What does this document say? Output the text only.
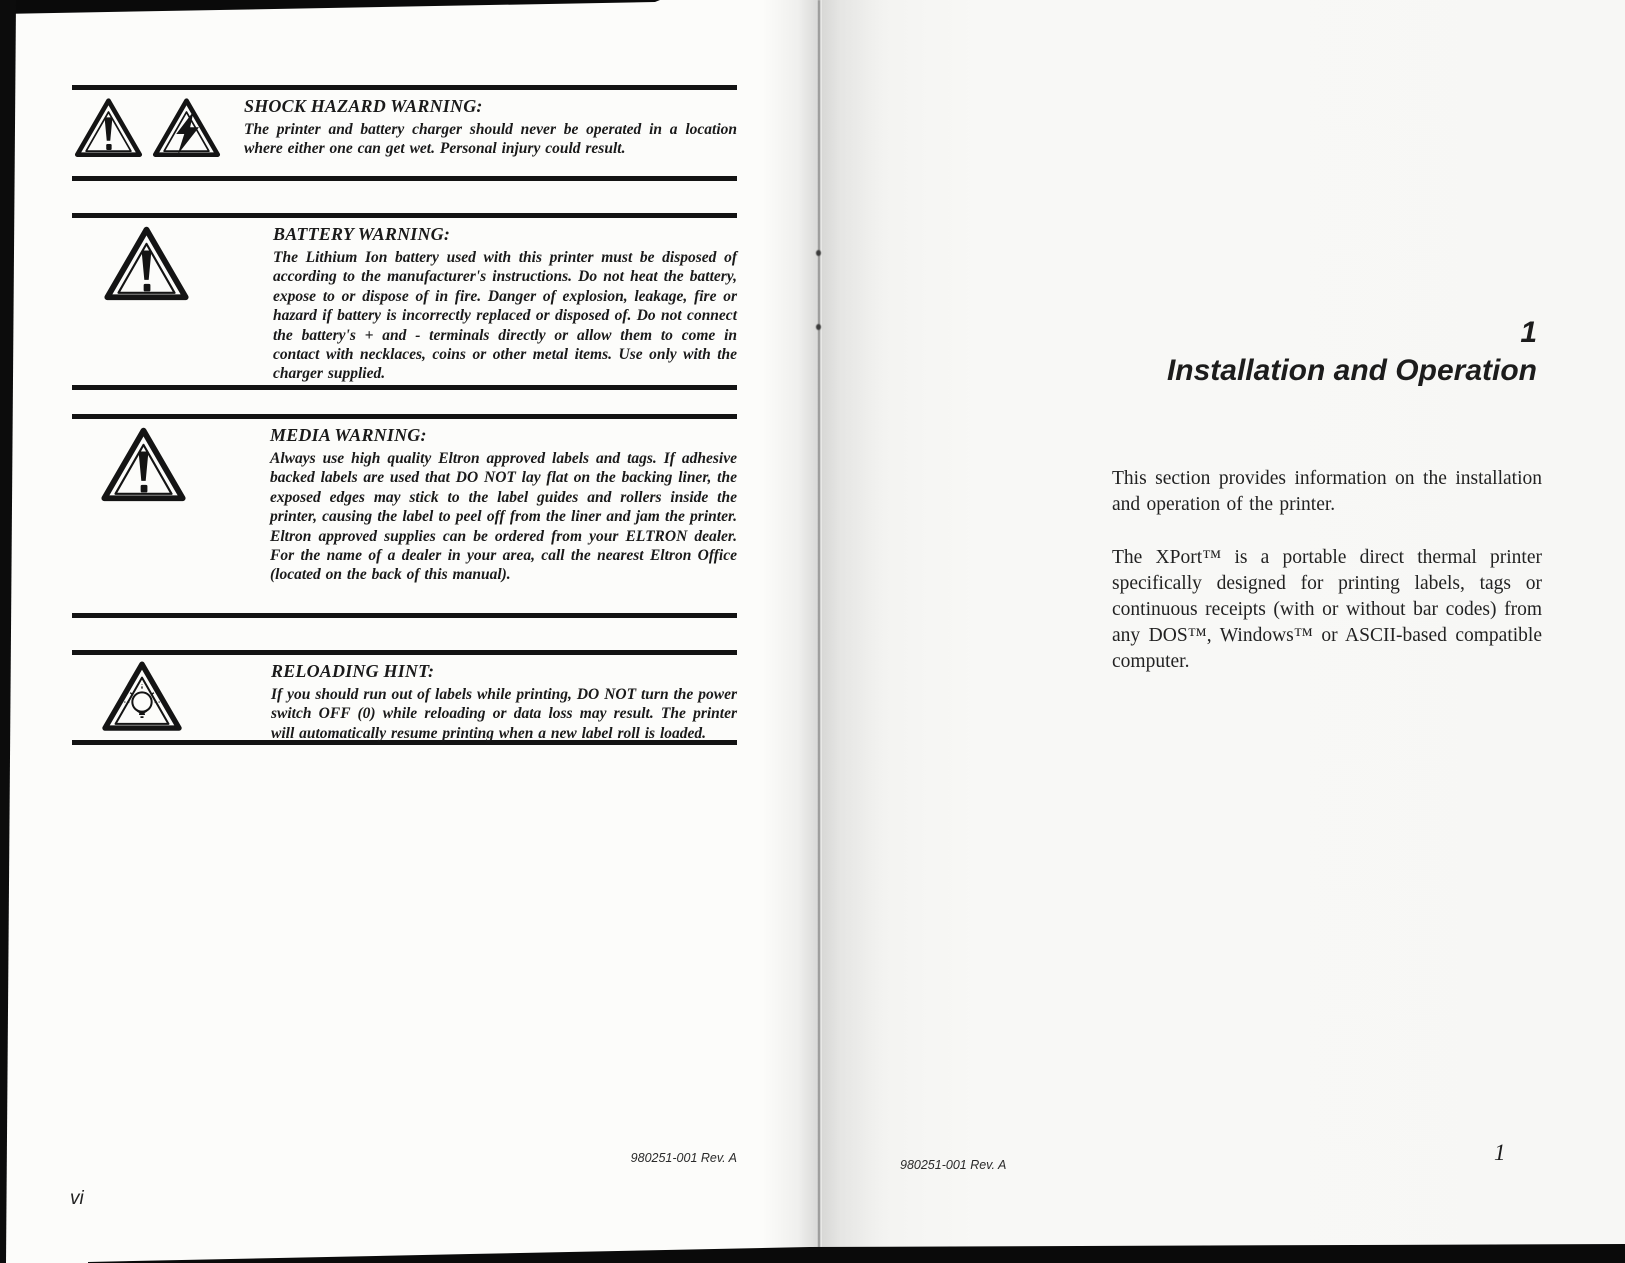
SHOCK HAZARD WARNING:

The printer and battery charger should never be operated in a location where either one can get wet. Personal injury could result.

BATTERY WARNING:

The Lithium Ion battery used with this printer must be disposed of according to the manufacturer's instructions. Do not heat the battery, expose to or dispose of in fire. Danger of explosion, leakage, fire or hazard if battery is incorrectly replaced or disposed of. Do not connect the battery's + and - terminals directly or allow them to come in contact with necklaces, coins or other metal items. Use only with the charger supplied.

MEDIA WARNING:

Always use high quality Eltron approved labels and tags. If adhesive backed labels are used that DO NOT lay flat on the backing liner, the exposed edges may stick to the label guides and rollers inside the printer, causing the label to peel off from the liner and jam the printer. Eltron approved supplies can be ordered from your ELTRON dealer. For the name of a dealer in your area, call the nearest Eltron Office (located on the back of this manual).

RELOADING HINT:

If you should run out of labels while printing, DO NOT turn the power switch OFF (0) while reloading or data loss may result. The printer will automatically resume printing when a new label roll is loaded.

1
Installation and Operation

This section provides information on the installation and operation of the printer.

The XPort™ is a portable direct thermal printer specifically designed for printing labels, tags or continuous receipts (with or without bar codes) from any DOS™, Windows™ or ASCII-based compatible computer.

980251-001 Rev. A
vi
980251-001 Rev. A	1
